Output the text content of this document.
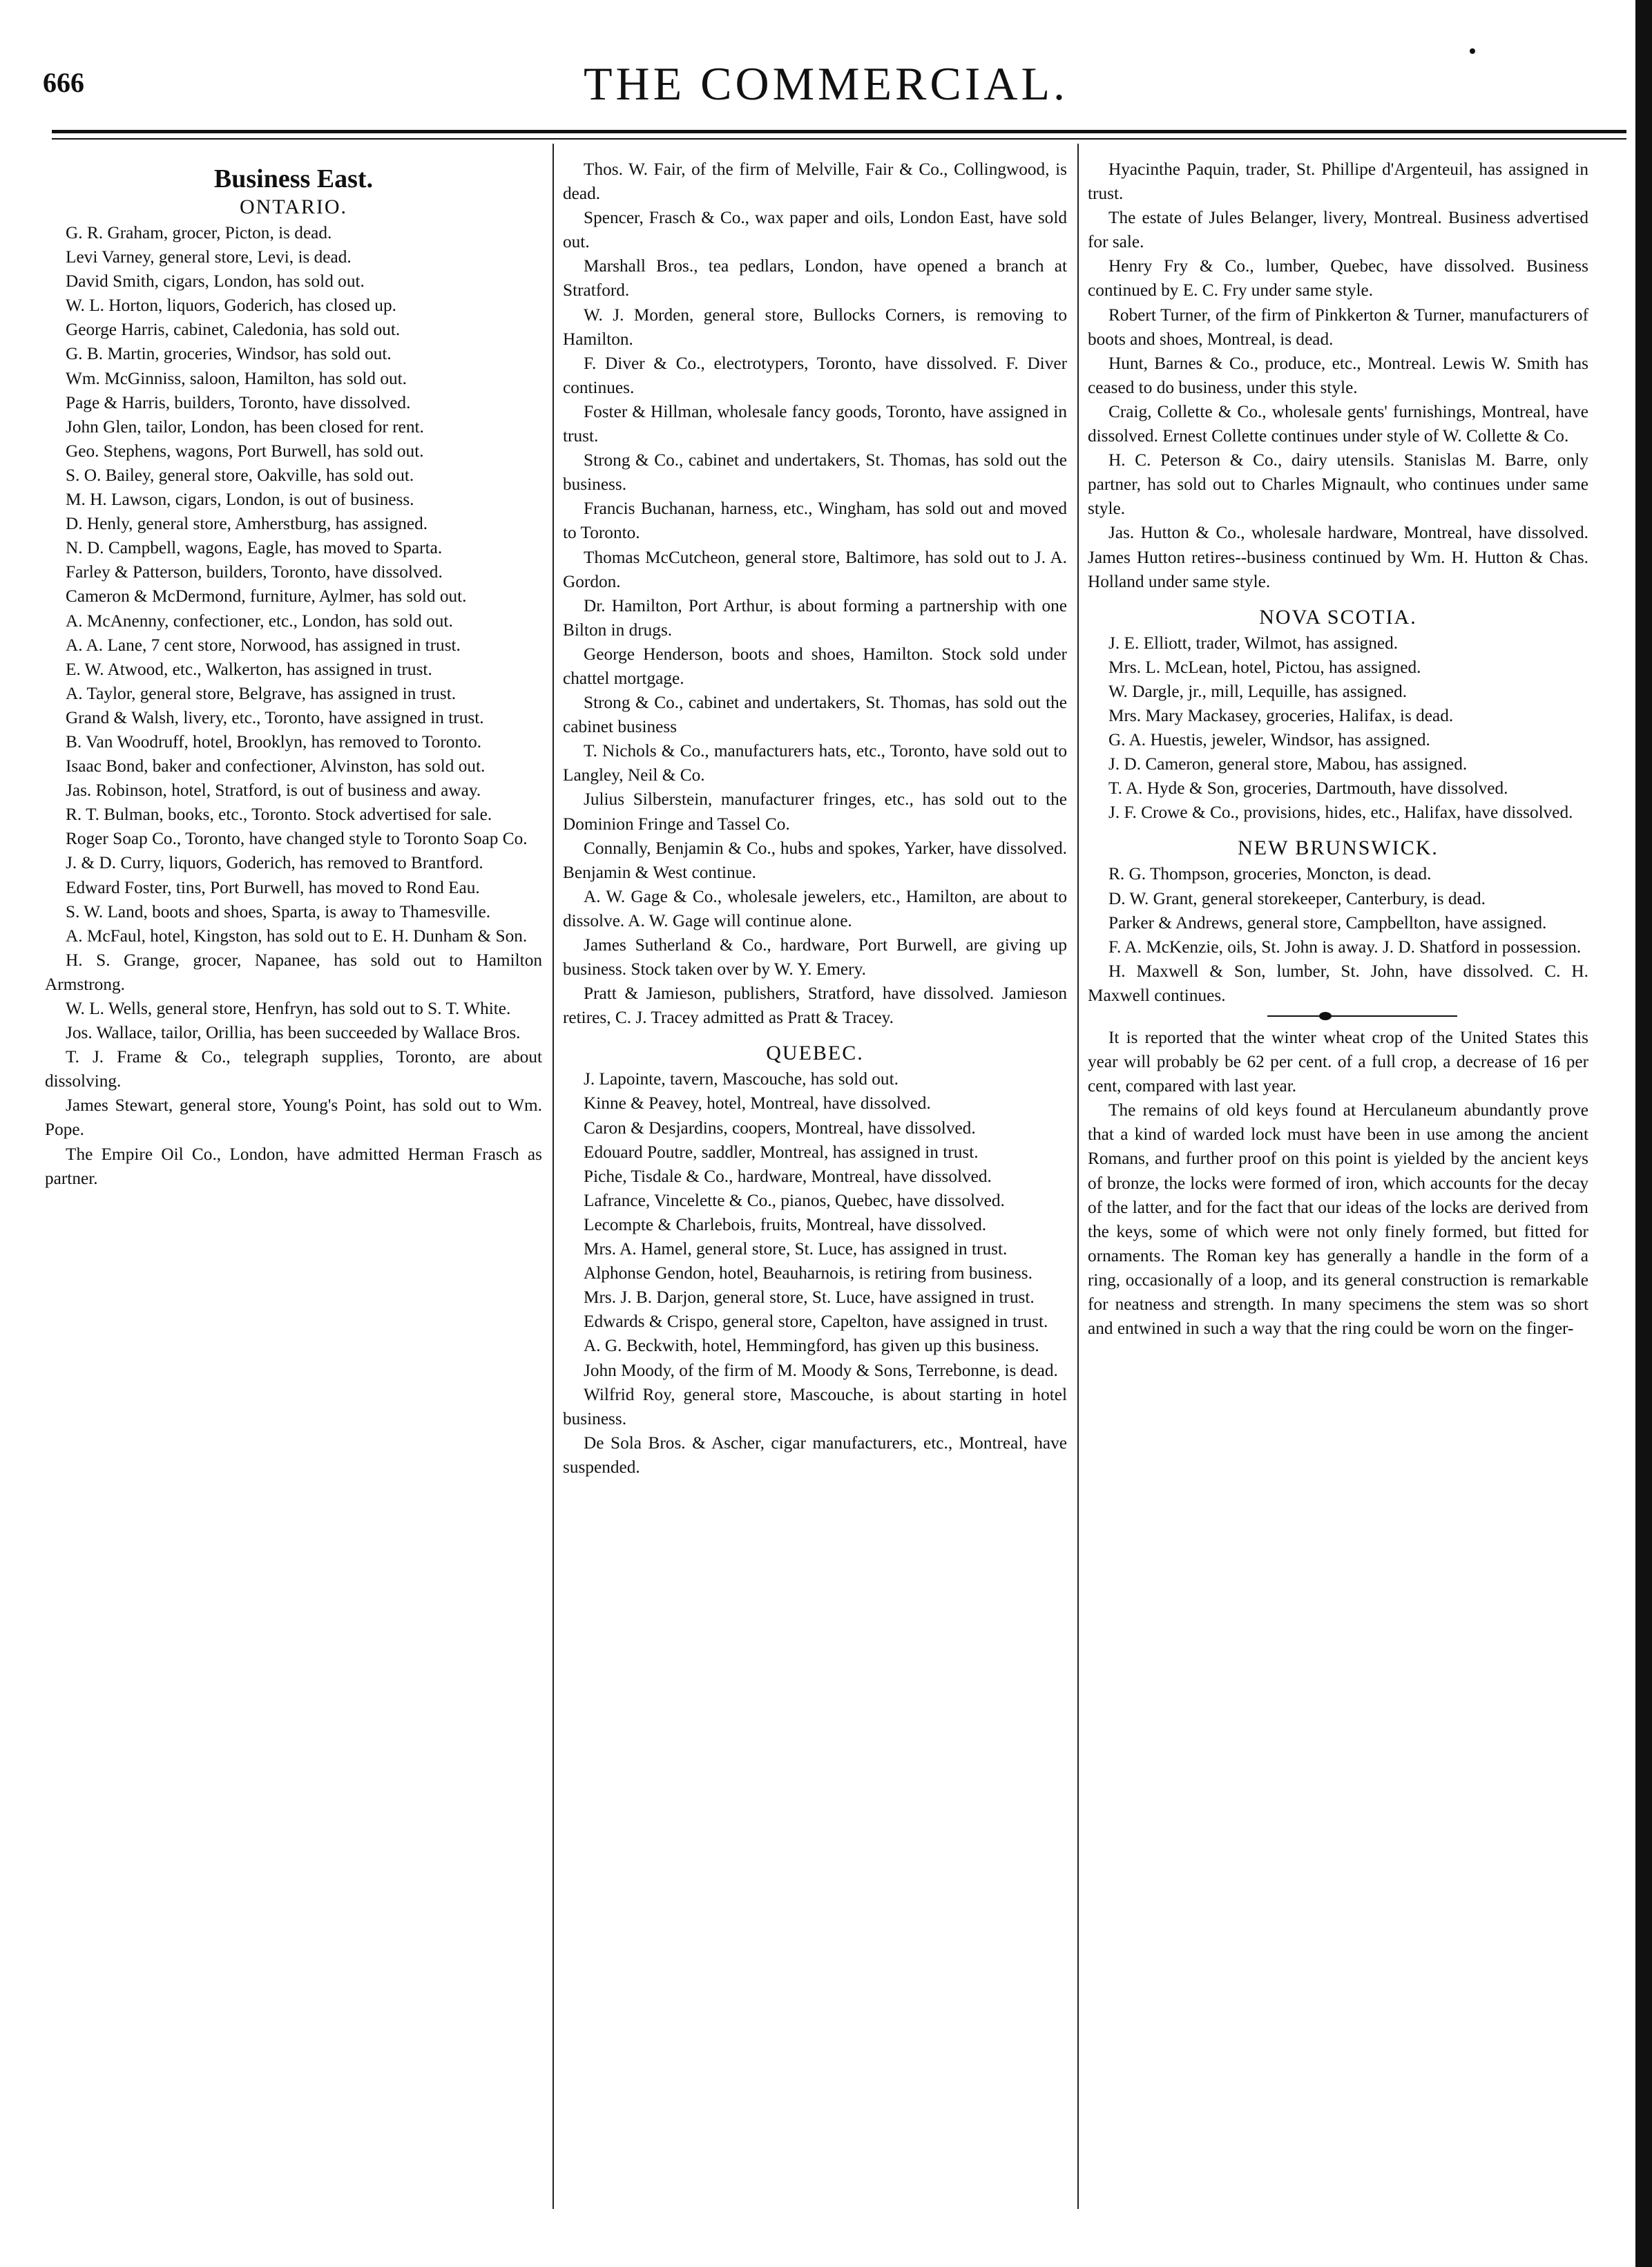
666	THE COMMERCIAL.
Business East.
ONTARIO.

G. R. Graham, grocer, Picton, is dead.

Levi Varney, general store, Levi, is dead.

David Smith, cigars, London, has sold out.

W. L. Horton, liquors, Goderich, has closed up.

George Harris, cabinet, Caledonia, has sold out.

G. B. Martin, groceries, Windsor, has sold out.

Wm. McGinniss, saloon, Hamilton, has sold out.

Page & Harris, builders, Toronto, have dissolved.

John Glen, tailor, London, has been closed for rent.

Geo. Stephens, wagons, Port Burwell, has sold out.

S. O. Bailey, general store, Oakville, has sold out.

M. H. Lawson, cigars, London, is out of business.

D. Henly, general store, Amherstburg, has assigned.

N. D. Campbell, wagons, Eagle, has moved to Sparta.

Farley & Patterson, builders, Toronto, have dissolved.

Cameron & McDermond, furniture, Aylmer, has sold out.

A. McAnenny, confectioner, etc., London, has sold out.

A. A. Lane, 7 cent store, Norwood, has assigned in trust.

E. W. Atwood, etc., Walkerton, has assigned in trust.

A. Taylor, general store, Belgrave, has assigned in trust.

Grand & Walsh, livery, etc., Toronto, have assigned in trust.

B. Van Woodruff, hotel, Brooklyn, has removed to Toronto.

Isaac Bond, baker and confectioner, Alvinston, has sold out.

Jas. Robinson, hotel, Stratford, is out of business and away.

R. T. Bulman, books, etc., Toronto. Stock advertised for sale.

Roger Soap Co., Toronto, have changed style to Toronto Soap Co.

J. & D. Curry, liquors, Goderich, has removed to Brantford.

Edward Foster, tins, Port Burwell, has moved to Rond Eau.

S. W. Land, boots and shoes, Sparta, is away to Thamesville.

A. McFaul, hotel, Kingston, has sold out to E. H. Dunham & Son.

H. S. Grange, grocer, Napanee, has sold out to Hamilton Armstrong.

W. L. Wells, general store, Henfryn, has sold out to S. T. White.

Jos. Wallace, tailor, Orillia, has been succeeded by Wallace Bros.

T. J. Frame & Co., telegraph supplies, Toronto, are about dissolving.

James Stewart, general store, Young's Point, has sold out to Wm. Pope.

The Empire Oil Co., London, have admitted Herman Frasch as partner.

Thos. W. Fair, of the firm of Melville, Fair & Co., Collingwood, is dead.

Spencer, Frasch & Co., wax paper and oils, London East, have sold out.

Marshall Bros., tea pedlars, London, have opened a branch at Stratford.

W. J. Morden, general store, Bullocks Corners, is removing to Hamilton.

F. Diver & Co., electrotypers, Toronto, have dissolved. F. Diver continues.

Foster & Hillman, wholesale fancy goods, Toronto, have assigned in trust.

Strong & Co., cabinet and undertakers, St. Thomas, has sold out the business.

Francis Buchanan, harness, etc., Wingham, has sold out and moved to Toronto.

Thomas McCutcheon, general store, Baltimore, has sold out to J. A. Gordon.

Dr. Hamilton, Port Arthur, is about forming a partnership with one Bilton in drugs.

George Henderson, boots and shoes, Hamilton. Stock sold under chattel mortgage.

Strong & Co., cabinet and undertakers, St. Thomas, has sold out the cabinet business

T. Nichols & Co., manufacturers hats, etc., Toronto, have sold out to Langley, Neil & Co.

Julius Silberstein, manufacturer fringes, etc., has sold out to the Dominion Fringe and Tassel Co.

Connally, Benjamin & Co., hubs and spokes, Yarker, have dissolved. Benjamin & West continue.

A. W. Gage & Co., wholesale jewelers, etc., Hamilton, are about to dissolve. A. W. Gage will continue alone.

James Sutherland & Co., hardware, Port Burwell, are giving up business. Stock taken over by W. Y. Emery.

Pratt & Jamieson, publishers, Stratford, have dissolved. Jamieson retires, C. J. Tracey admitted as Pratt & Tracey.

QUEBEC.

J. Lapointe, tavern, Mascouche, has sold out.

Kinne & Peavey, hotel, Montreal, have dissolved.

Caron & Desjardins, coopers, Montreal, have dissolved.

Edouard Poutre, saddler, Montreal, has assigned in trust.

Piche, Tisdale & Co., hardware, Montreal, have dissolved.

Lafrance, Vincelette & Co., pianos, Quebec, have dissolved.

Lecompte & Charlebois, fruits, Montreal, have dissolved.

Mrs. A. Hamel, general store, St. Luce, has assigned in trust.

Alphonse Gendon, hotel, Beauharnois, is retiring from business.

Mrs. J. B. Darjon, general store, St. Luce, have assigned in trust.

Edwards & Crispo, general store, Capelton, have assigned in trust.

A. G. Beckwith, hotel, Hemmingford, has given up this business.

John Moody, of the firm of M. Moody & Sons, Terrebonne, is dead.

Wilfrid Roy, general store, Mascouche, is about starting in hotel business.

De Sola Bros. & Ascher, cigar manufacturers, etc., Montreal, have suspended.

Hyacinthe Paquin, trader, St. Phillipe d'Argenteuil, has assigned in trust.

The estate of Jules Belanger, livery, Montreal. Business advertised for sale.

Henry Fry & Co., lumber, Quebec, have dissolved. Business continued by E. C. Fry under same style.

Robert Turner, of the firm of Pinkkerton & Turner, manufacturers of boots and shoes, Montreal, is dead.

Hunt, Barnes & Co., produce, etc., Montreal. Lewis W. Smith has ceased to do business, under this style.

Craig, Collette & Co., wholesale gents' furnishings, Montreal, have dissolved. Ernest Collette continues under style of W. Collette & Co.

H. C. Peterson & Co., dairy utensils. Stanislas M. Barre, only partner, has sold out to Charles Mignault, who continues under same style.

Jas. Hutton & Co., wholesale hardware, Montreal, have dissolved. James Hutton retires--business continued by Wm. H. Hutton & Chas. Holland under same style.

NOVA SCOTIA.

J. E. Elliott, trader, Wilmot, has assigned.

Mrs. L. McLean, hotel, Pictou, has assigned.

W. Dargle, jr., mill, Lequille, has assigned.

Mrs. Mary Mackasey, groceries, Halifax, is dead.

G. A. Huestis, jeweler, Windsor, has assigned.

J. D. Cameron, general store, Mabou, has assigned.

T. A. Hyde & Son, groceries, Dartmouth, have dissolved.

J. F. Crowe & Co., provisions, hides, etc., Halifax, have dissolved.

NEW BRUNSWICK.

R. G. Thompson, groceries, Moncton, is dead.

D. W. Grant, general storekeeper, Canterbury, is dead.

Parker & Andrews, general store, Campbellton, have assigned.

F. A. McKenzie, oils, St. John is away. J. D. Shatford in possession.

H. Maxwell & Son, lumber, St. John, have dissolved. C. H. Maxwell continues.

It is reported that the winter wheat crop of the United States this year will probably be 62 per cent. of a full crop, a decrease of 16 per cent, compared with last year.

The remains of old keys found at Herculaneum abundantly prove that a kind of warded lock must have been in use among the ancient Romans, and further proof on this point is yielded by the ancient keys of bronze, the locks were formed of iron, which accounts for the decay of the latter, and for the fact that our ideas of the locks are derived from the keys, some of which were not only finely formed, but fitted for ornaments. The Roman key has generally a handle in the form of a ring, occasionally of a loop, and its general construction is remarkable for neatness and strength. In many specimens the stem was so short and entwined in such a way that the ring could be worn on the finger-
